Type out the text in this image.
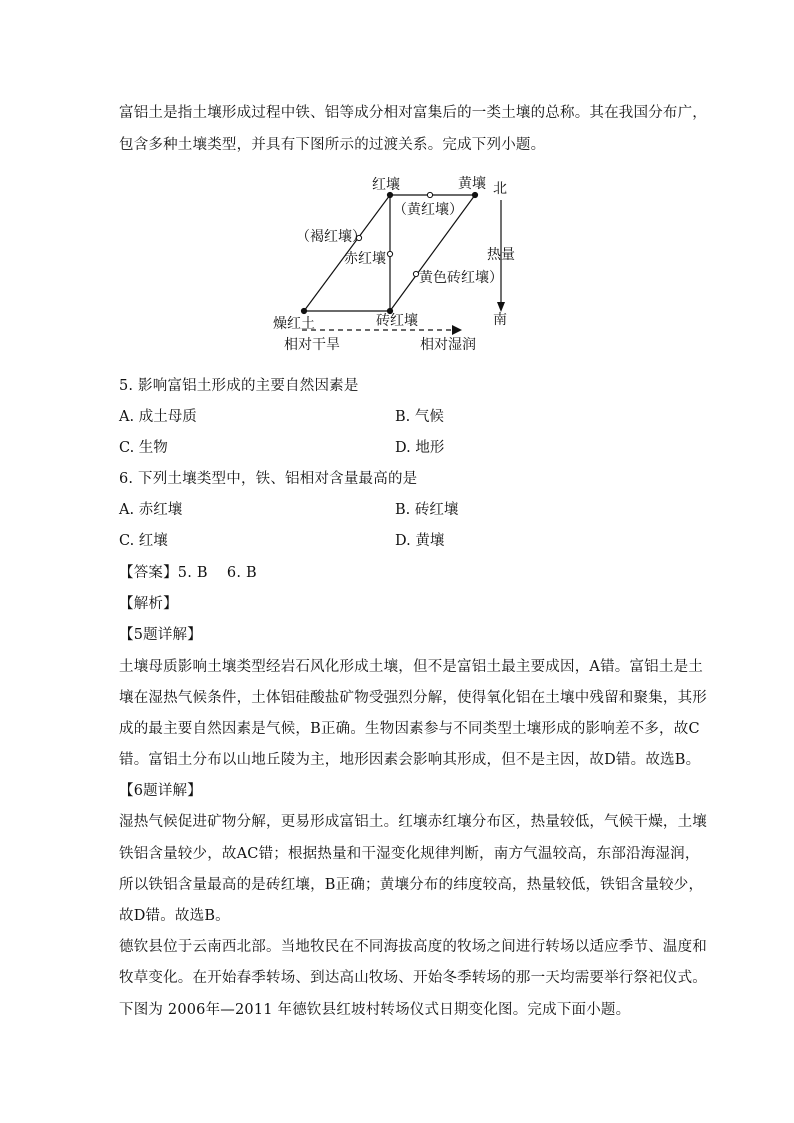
富铝土是指土壤形成过程中铁、铝等成分相对富集后的一类土壤的总称。其在我国分布广，
包含多种土壤类型，并具有下图所示的过渡关系。完成下列小题。
红壤	黄壤 北
（黄红壤）
（褐红壤）
赤红壤	热量
黄色砖红壤）
燥红土	砖红壤	南
相对干旱	相对湿润
5. 影响富铝土形成的主要自然因素是
A. 成土母质	B. 气候
C. 生物	D. 地形
6. 下列土壤类型中，铁、铝相对含量最高的是
A. 赤红壤	B. 砖红壤
C. 红壤	D. 黄壤
【答案】5. B    6. B
【解析】
【5题详解】
土壤母质影响土壤类型经岩石风化形成土壤，但不是富铝土最主要成因，A错。富铝土是土
壤在湿热气候条件，土体铝硅酸盐矿物受强烈分解，使得氧化铝在土壤中残留和聚集，其形
成的最主要自然因素是气候，B正确。生物因素参与不同类型土壤形成的影响差不多，故C
错。富铝土分布以山地丘陵为主，地形因素会影响其形成，但不是主因，故D错。故选B。
【6题详解】
湿热气候促进矿物分解，更易形成富铝土。红壤赤红壤分布区，热量较低，气候干燥，土壤
铁铝含量较少，故AC错；根据热量和干湿变化规律判断，南方气温较高，东部沿海湿润，
所以铁铝含量最高的是砖红壤，B正确；黄壤分布的纬度较高，热量较低，铁铝含量较少，
故D错。故选B。
德钦县位于云南西北部。当地牧民在不同海拔高度的牧场之间进行转场以适应季节、温度和
牧草变化。在开始春季转场、到达高山牧场、开始冬季转场的那一天均需要举行祭祀仪式。
下图为 2006年—2011 年德钦县红坡村转场仪式日期变化图。完成下面小题。
